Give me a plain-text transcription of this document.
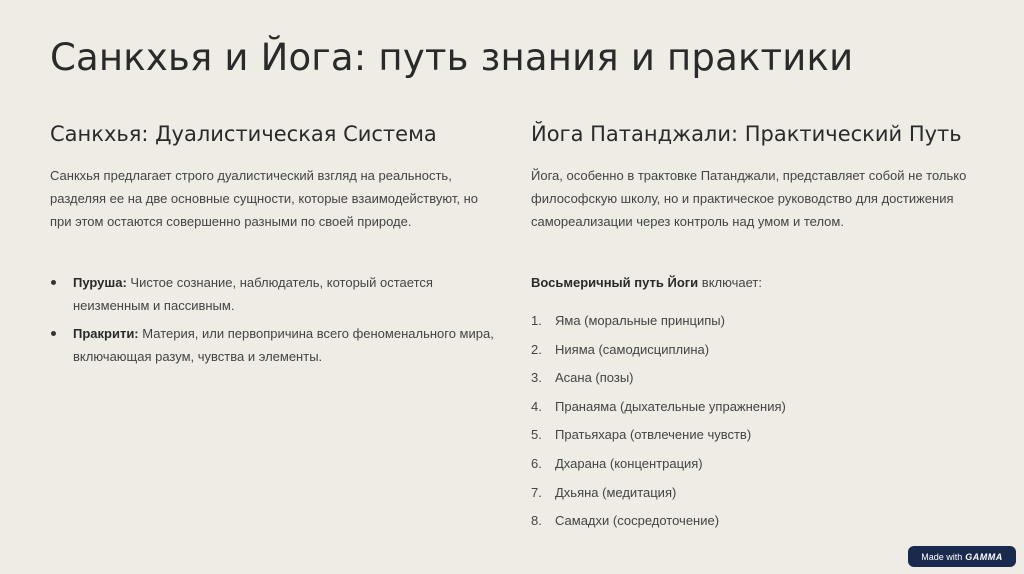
Санкхья и Йога: путь знания и практики
Санкхья: Дуалистическая Система

Санкхья предлагает строго дуалистический взгляд на реальность, разделяя ее на две основные сущности, которые взаимодействуют, но при этом остаются совершенно разными по своей природе.

Пуруша: Чистое сознание, наблюдатель, который остается неизменным и пассивным.
Пракрити: Материя, или первопричина всего феноменального мира, включающая разум, чувства и элементы.
Йога Патанджали: Практический Путь

Йога, особенно в трактовке Патанджали, представляет собой не только философскую школу, но и практическое руководство для достижения самореализации через контроль над умом и телом.

Восьмеричный путь Йоги включает:

1. Яма (моральные принципы)
2. Нияма (самодисциплина)
3. Асана (позы)
4. Пранаяма (дыхательные упражнения)
5. Пратьяхара (отвлечение чувств)
6. Дхарана (концентрация)
7. Дхьяна (медитация)
8. Самадхи (сосредоточение)
Made with GAMMA
